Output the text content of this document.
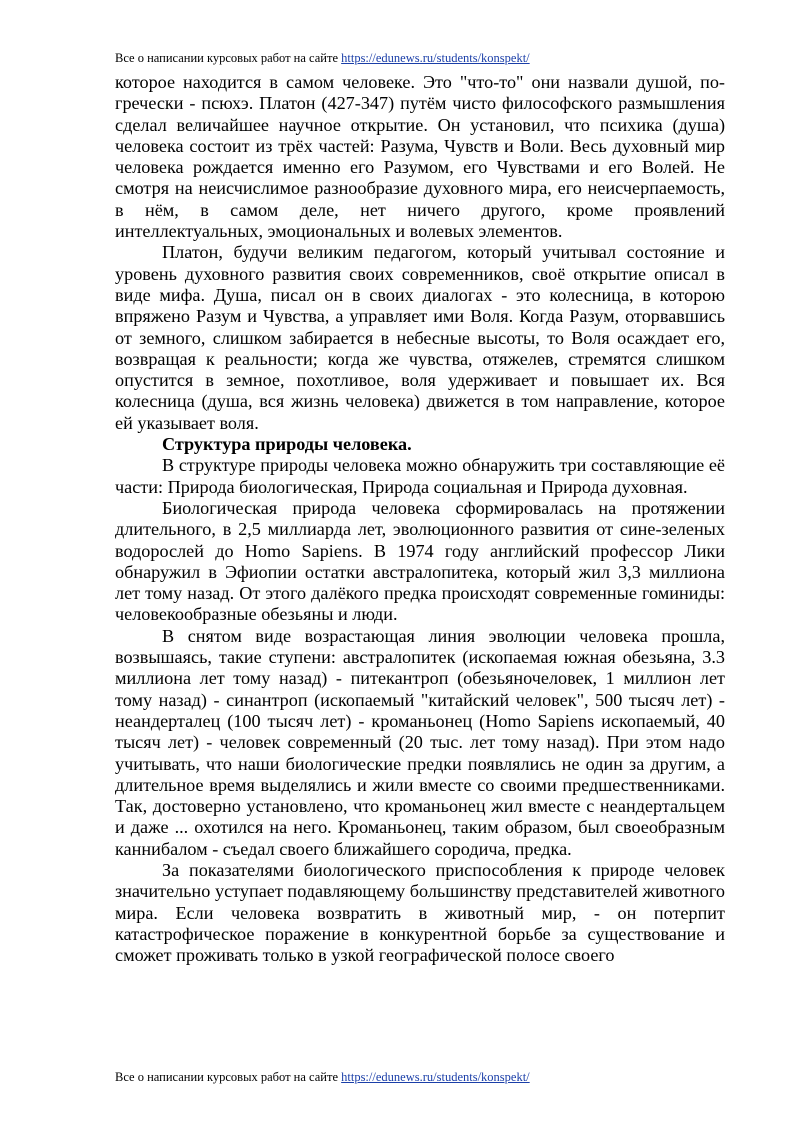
Все о написании курсовых работ на сайте https://edunews.ru/students/konspekt/

которое находится в самом человеке. Это "что-то" они назвали душой, по-гречески - псюхэ. Платон (427-347) путём чисто философского размышления сделал величайшее научное открытие. Он установил, что психика (душа) человека состоит из трёх частей: Разума, Чувств и Воли. Весь духовный мир человека рождается именно его Разумом, его Чувствами и его Волей. Не смотря на неисчислимое разнообразие духовного мира, его неисчерпаемость, в нём, в самом деле, нет ничего другого, кроме проявлений интеллектуальных, эмоциональных и волевых элементов.

Платон, будучи великим педагогом, который учитывал состояние и уровень духовного развития своих современников, своё открытие описал в виде мифа. Душа, писал он в своих диалогах - это колесница, в которою впряжено Разум и Чувства, а управляет ими Воля. Когда Разум, оторвавшись от земного, слишком забирается в небесные высоты, то Воля осаждает его, возвращая к реальности; когда же чувства, отяжелев, стремятся слишком опустится в земное, похотливое, воля удерживает и повышает их. Вся колесница (душа, вся жизнь человека) движется в том направление, которое ей указывает воля.

Структура природы человека.

В структуре природы человека можно обнаружить три составляющие её части: Природа биологическая, Природа социальная и Природа духовная.

Биологическая природа человека сформировалась на протяжении длительного, в 2,5 миллиарда лет, эволюционного развития от сине-зеленых водорослей до Homo Sapiens. В 1974 году английский профессор Лики обнаружил в Эфиопии остатки австралопитека, который жил 3,3 миллиона лет тому назад. От этого далёкого предка происходят современные гоминиды: человекообразные обезьяны и люди.

В снятом виде возрастающая линия эволюции человека прошла, возвышаясь, такие ступени: австралопитек (ископаемая южная обезьяна, 3.3 миллиона лет тому назад) - питекантроп (обезьяночеловек, 1 миллион лет тому назад) - синантроп (ископаемый "китайский человек", 500 тысяч лет) - неандерталец (100 тысяч лет) - кроманьонец (Homo Sapiens ископаемый, 40 тысяч лет) - человек современный (20 тыс. лет тому назад). При этом надо учитывать, что наши биологические предки появлялись не один за другим, а длительное время выделялись и жили вместе со своими предшественниками. Так, достоверно установлено, что кроманьонец жил вместе с неандертальцем и даже ... охотился на него. Кроманьонец, таким образом, был своеобразным каннибалом - съедал своего ближайшего сородича, предка.

За показателями биологического приспособления к природе человек значительно уступает подавляющему большинству представителей животного мира. Если человека возвратить в животный мир, - он потерпит катастрофическое поражение в конкурентной борьбе за существование и сможет проживать только в узкой географической полосе своего

Все о написании курсовых работ на сайте https://edunews.ru/students/konspekt/
